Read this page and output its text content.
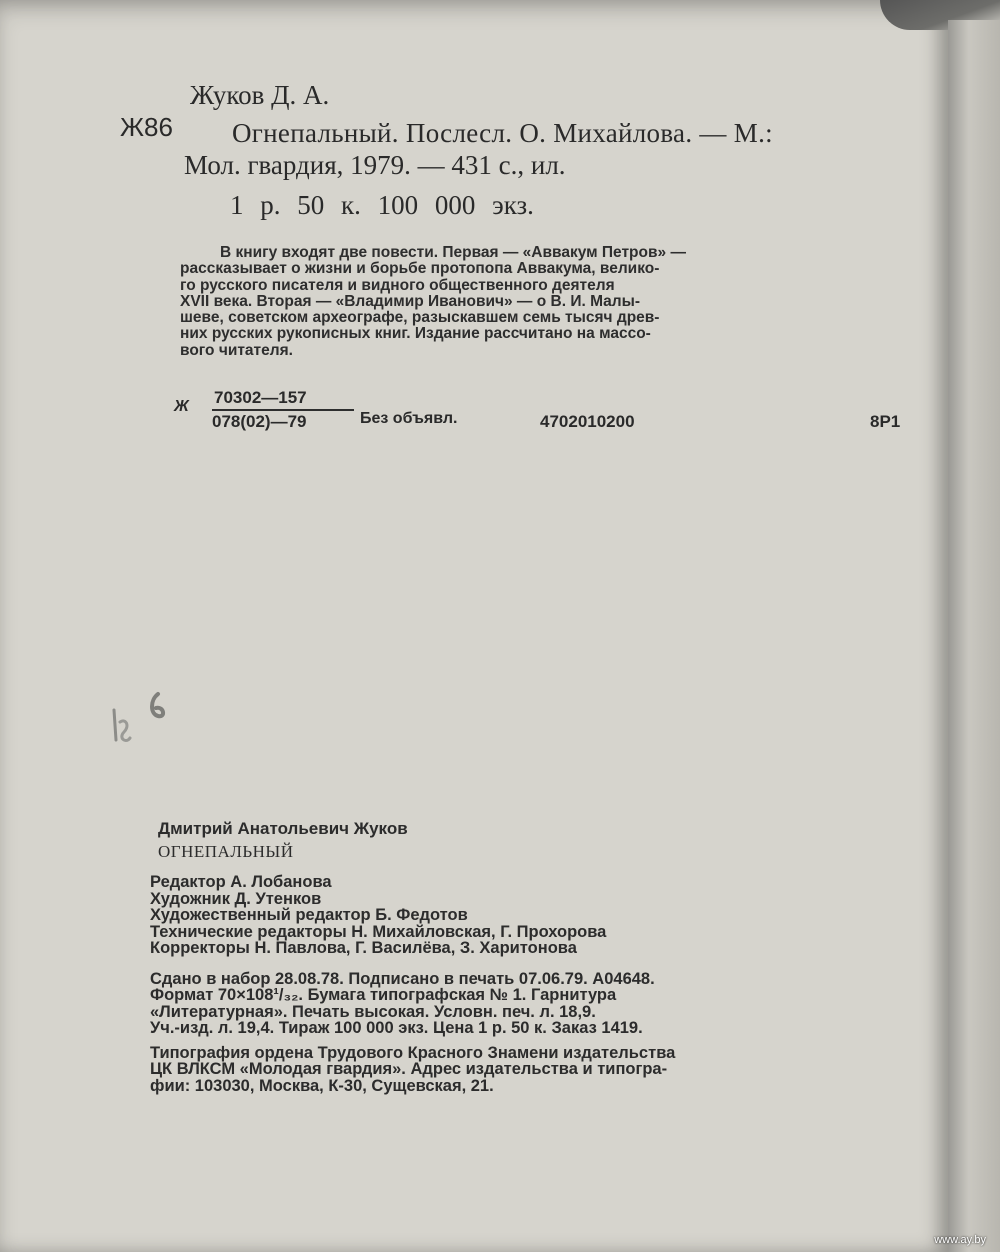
Жуков Д. А.
Ж86 Огнепальный. Послесл. О. Михайлова. — М.:
Мол. гвардия, 1979. — 431 с., ил.
1 р. 50 к. 100 000 экз.

В книгу входят две повести. Первая — «Аввакум Петров» —

рассказывает о жизни и борьбе протопопа Аввакума, велико-

го русского писателя и видного общественного деятеля

XVII века. Вторая — «Владимир Иванович» — о В. И. Малы-

шеве, советском археографе, разыскавшем семь тысяч древ-

них русских рукописных книг. Издание рассчитано на массо-

вого читателя.

Ж 70302—157
078(02)—79	Без объявл.	4702010200	8Р1
Дмитрий Анатольевич Жуков
ОГНЕПАЛЬНЫЙ

Редактор А. Лобанова

Художник Д. Утенков

Художественный редактор Б. Федотов

Технические редакторы Н. Михайловская, Г. Прохорова

Корректоры Н. Павлова, Г. Василёва, З. Харитонова

Сдано в набор 28.08.78. Подписано в печать 07.06.79. А04648.

Формат 70×108¹/₃₂. Бумага типографская № 1. Гарнитура

«Литературная». Печать высокая. Условн. печ. л. 18,9.

Уч.-изд. л. 19,4. Тираж 100 000 экз. Цена 1 р. 50 к. Заказ 1419.

Типография ордена Трудового Красного Знамени издательства

ЦК ВЛКСМ «Молодая гвардия». Адрес издательства и типогра-

фии: 103030, Москва, К-30, Сущевская, 21.

www.ay.by
